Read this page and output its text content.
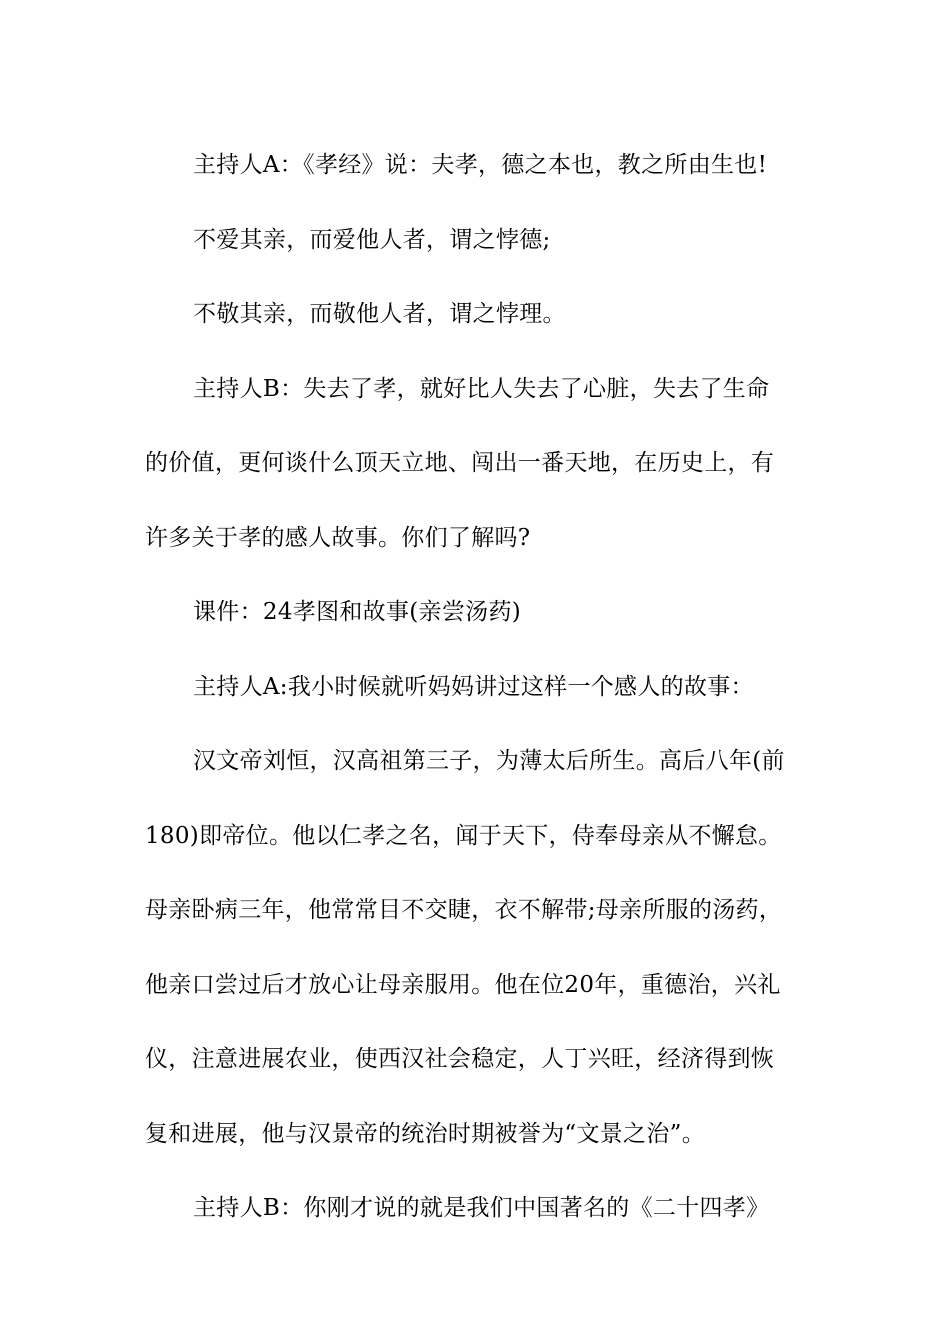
主持人A：《孝经》说：夫孝，德之本也，教之所由生也!
不爱其亲，而爱他人者，谓之悖德;
不敬其亲，而敬他人者，谓之悖理。
主持人B：失去了孝，就好比人失去了心脏，失去了生命
的价值，更何谈什么顶天立地、闯出一番天地，在历史上，有
许多关于孝的感人故事。你们了解吗?
课件：24孝图和故事(亲尝汤药)
主持人A:我小时候就听妈妈讲过这样一个感人的故事：
汉文帝刘恒，汉高祖第三子，为薄太后所生。高后八年(前
180)即帝位。他以仁孝之名，闻于天下，侍奉母亲从不懈怠。
母亲卧病三年，他常常目不交睫，衣不解带;母亲所服的汤药，
他亲口尝过后才放心让母亲服用。他在位20年，重德治，兴礼
仪，注意进展农业，使西汉社会稳定，人丁兴旺，经济得到恢
复和进展，他与汉景帝的统治时期被誉为“文景之治”。
主持人B：你刚才说的就是我们中国著名的《二十四孝》
